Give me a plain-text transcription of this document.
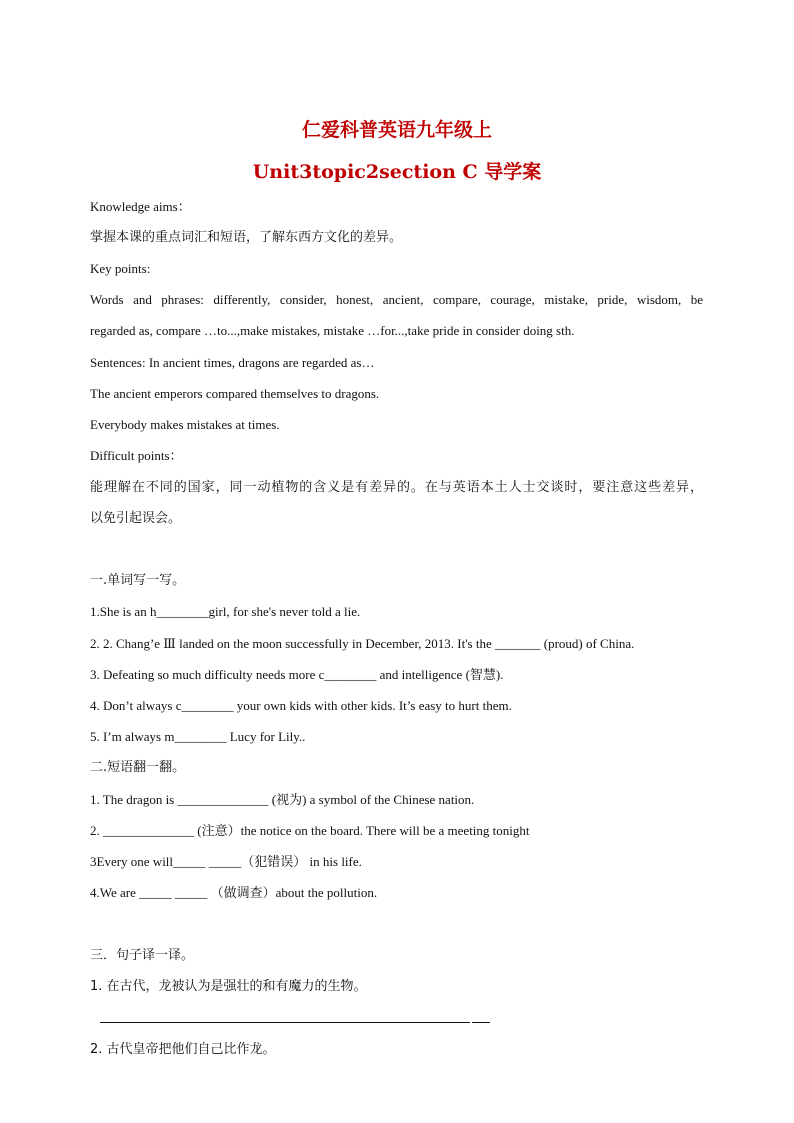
仁爱科普英语九年级上
Unit3topic2section C 导学案
Knowledge aims：
掌握本课的重点词汇和短语，了解东西方文化的差异。
Key points:
Words and phrases: differently, consider, honest, ancient, compare, courage, mistake, pride, wisdom, be
regarded as, compare …to...,make mistakes, mistake …for...,take pride in consider doing sth.
Sentences: In ancient times, dragons are regarded as…
The ancient emperors compared themselves to dragons.
Everybody makes mistakes at times.
Difficult points：
能理解在不同的国家，同一动植物的含义是有差异的。在与英语本土人士交谈时，要注意这些差异，
以免引起误会。
一.单词写一写。
1.She is an h________girl, for she's never told a lie.
2. 2. Chang’e Ⅲ landed on the moon successfully in December, 2013. It's the _______ (proud) of China.
3. Defeating so much difficulty needs more c________ and intelligence (智慧).
4. Don’t always c________ your own kids with other kids. It’s easy to hurt them.
5. I’m always m________ Lucy for Lily..
二.短语翻一翻。
1. The dragon is ______________ (视为) a symbol of the Chinese nation.
2. ______________ (注意）the notice on the board. There will be a meeting tonight
3Every one will_____ _____（犯错误） in his life.
4.We are _____ _____ （做调查）about the pollution.
三．句子译一译。
1. 在古代，龙被认为是强壮的和有魔力的生物。
2. 古代皇帝把他们自己比作龙。
